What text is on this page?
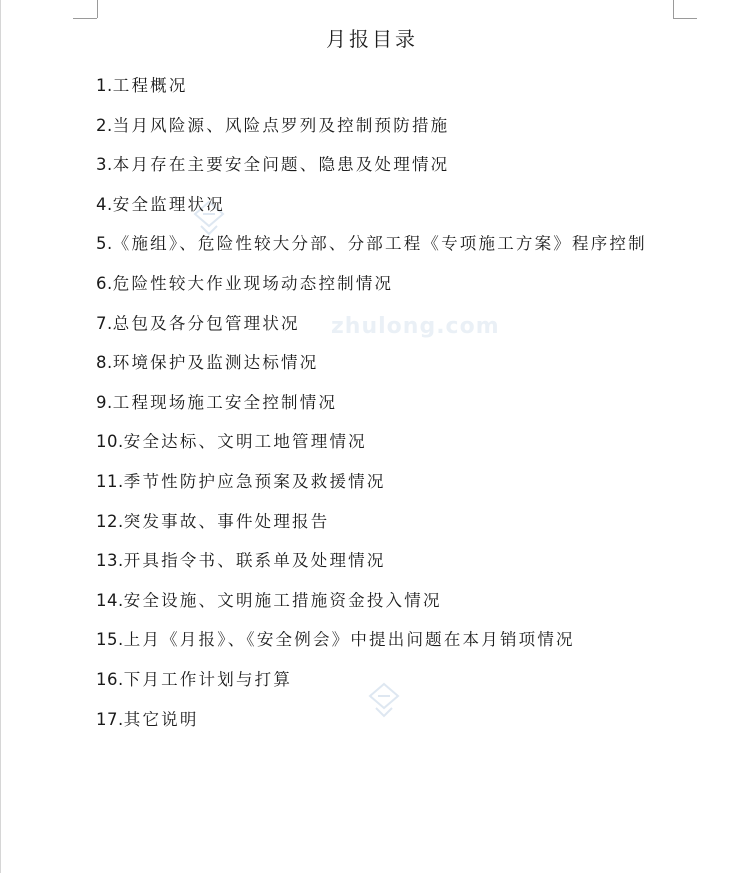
zhulong.com
月报目录
1.工程概况
2.当月风险源、风险点罗列及控制预防措施
3.本月存在主要安全问题、隐患及处理情况
4.安全监理状况
5.《施组》、危险性较大分部、分部工程《专项施工方案》程序控制
6.危险性较大作业现场动态控制情况
7.总包及各分包管理状况
8.环境保护及监测达标情况
9.工程现场施工安全控制情况
10.安全达标、文明工地管理情况
11.季节性防护应急预案及救援情况
12.突发事故、事件处理报告
13.开具指令书、联系单及处理情况
14.安全设施、文明施工措施资金投入情况
15.上月《月报》、《安全例会》中提出问题在本月销项情况
16.下月工作计划与打算
17.其它说明
